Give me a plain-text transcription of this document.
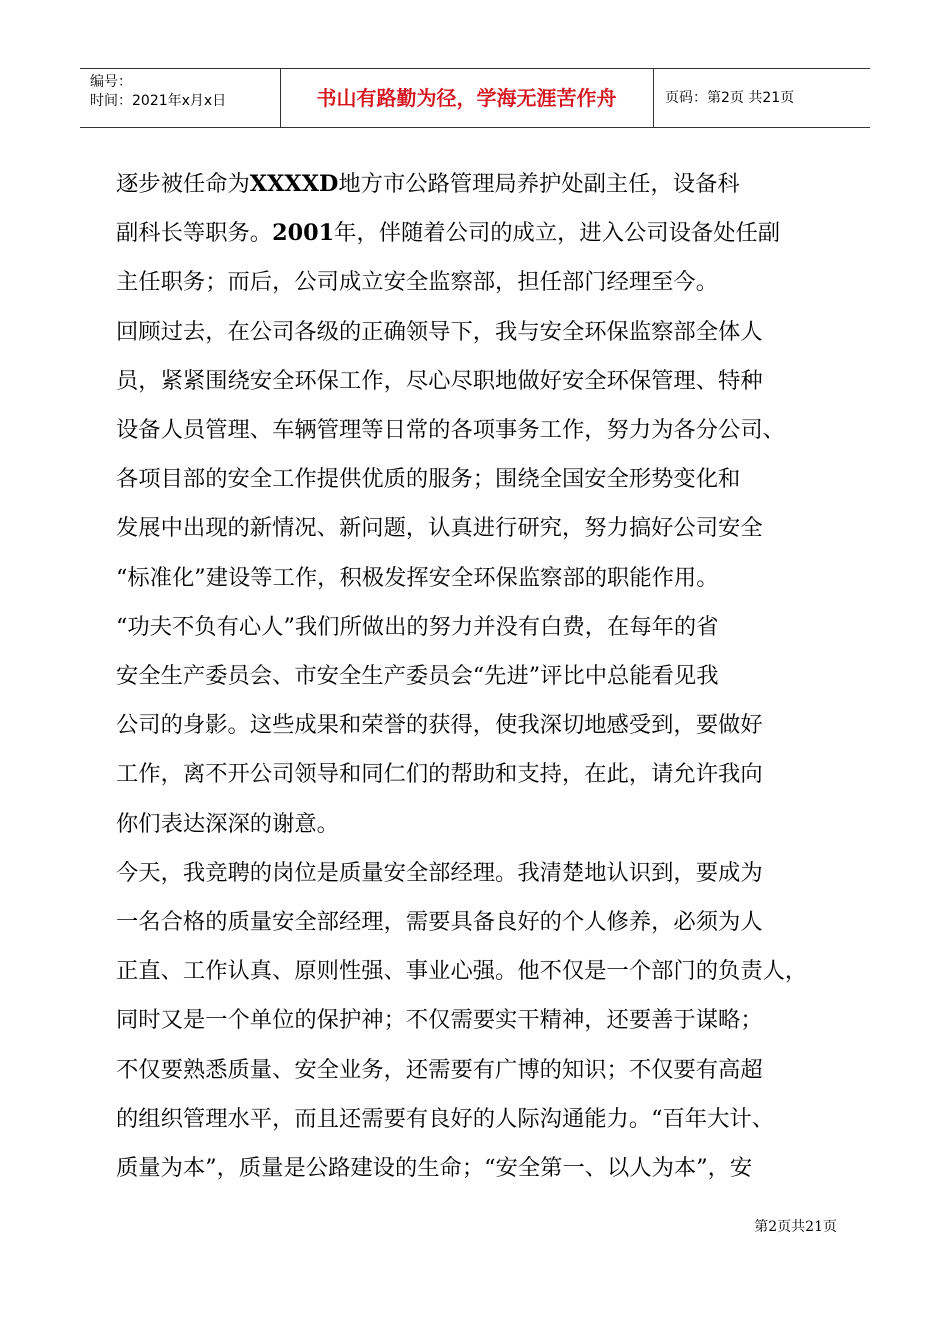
编号：
时间：2021年x月x日	书山有路勤为径，学海无涯苦作舟	页码：第2页 共21页

逐步被任命为XXXXD地方市公路管理局养护处副主任，设备科

副科长等职务。2001年，伴随着公司的成立，进入公司设备处任副

主任职务；而后，公司成立安全监察部，担任部门经理至今。

回顾过去，在公司各级的正确领导下，我与安全环保监察部全体人

员，紧紧围绕安全环保工作，尽心尽职地做好安全环保管理、特种

设备人员管理、车辆管理等日常的各项事务工作，努力为各分公司、

各项目部的安全工作提供优质的服务；围绕全国安全形势变化和

发展中出现的新情况、新问题，认真进行研究，努力搞好公司安全

“标准化”建设等工作，积极发挥安全环保监察部的职能作用。

“功夫不负有心人”我们所做出的努力并没有白费，在每年的省

安全生产委员会、市安全生产委员会“先进”评比中总能看见我

公司的身影。这些成果和荣誉的获得，使我深切地感受到，要做好

工作，离不开公司领导和同仁们的帮助和支持，在此，请允许我向

你们表达深深的谢意。

今天，我竞聘的岗位是质量安全部经理。我清楚地认识到，要成为

一名合格的质量安全部经理，需要具备良好的个人修养，必须为人

正直、工作认真、原则性强、事业心强。他不仅是一个部门的负责人，

同时又是一个单位的保护神；不仅需要实干精神，还要善于谋略；

不仅要熟悉质量、安全业务，还需要有广博的知识；不仅要有高超

的组织管理水平，而且还需要有良好的人际沟通能力。“百年大计、

质量为本”，质量是公路建设的生命；“安全第一、以人为本”，安

第2页共21页
